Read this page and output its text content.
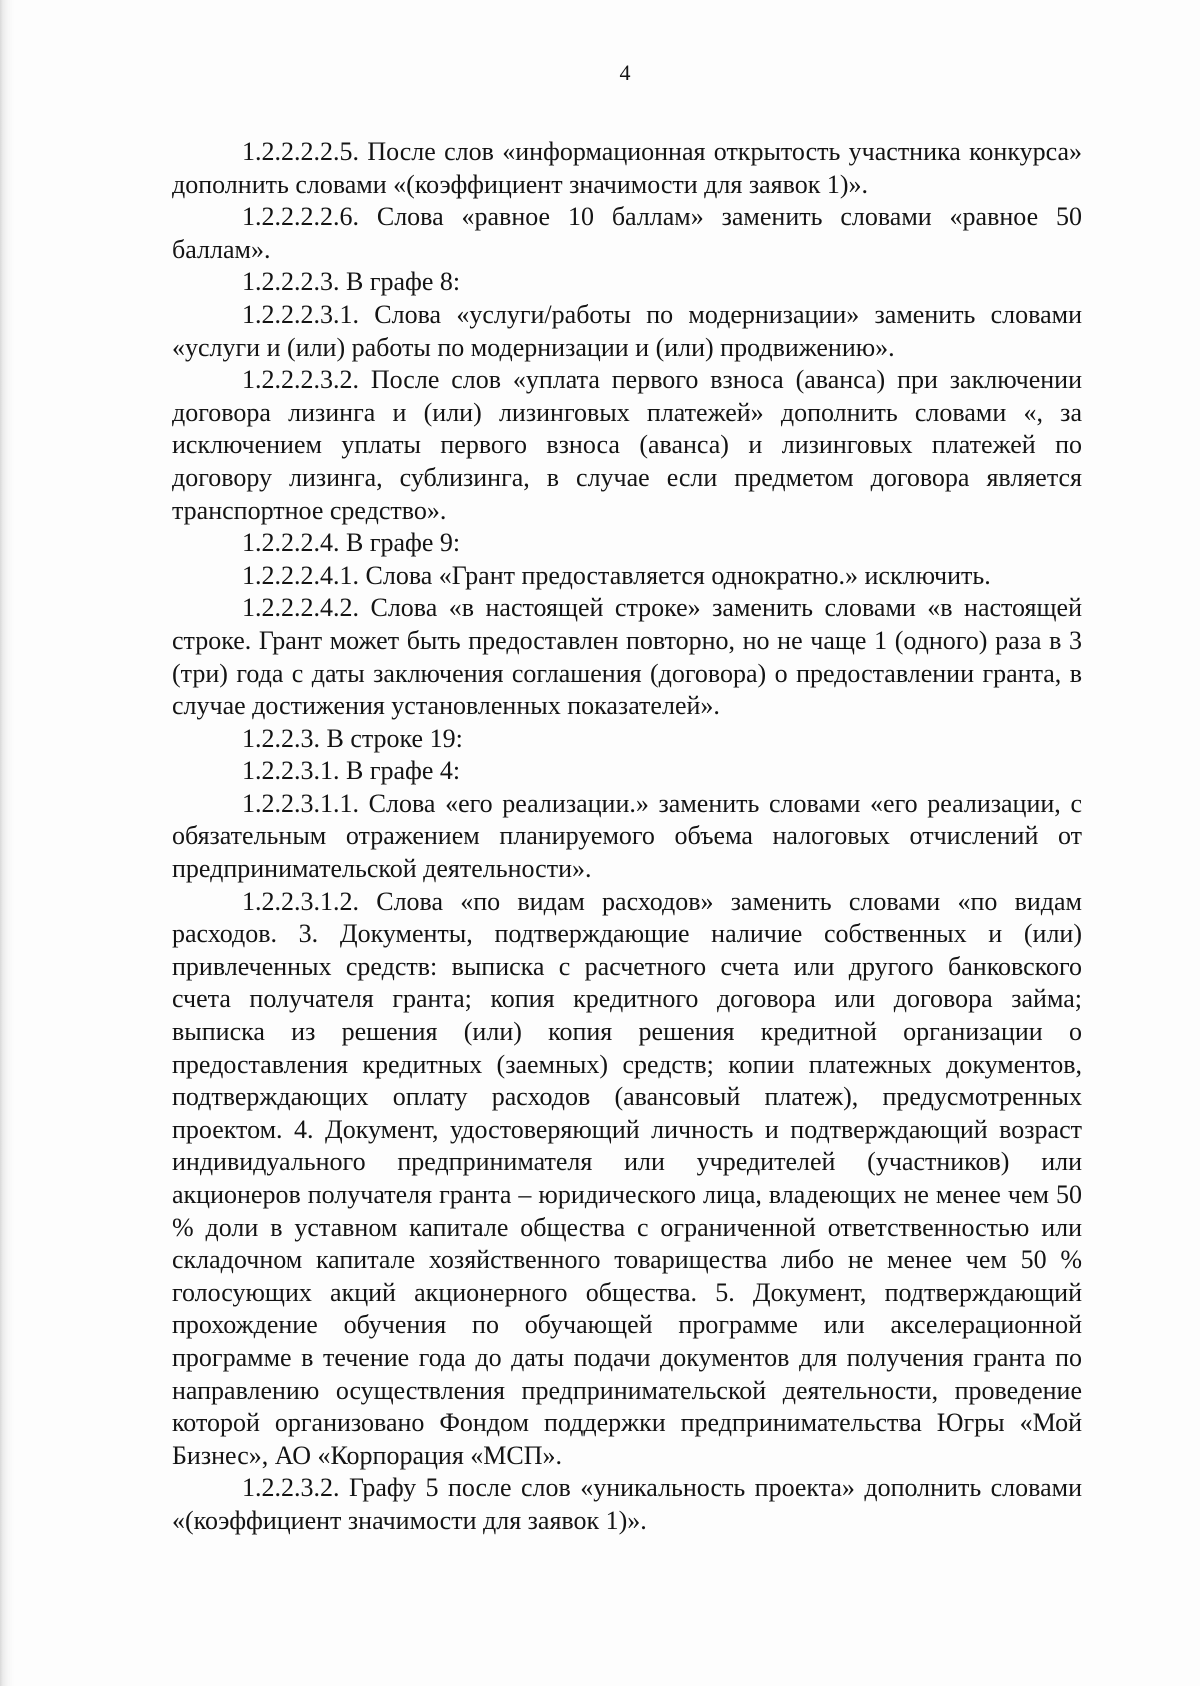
4

1.2.2.2.2.5. После слов «информационная открытость участника конкурса» дополнить словами «(коэффициент значимости для заявок 1)».

1.2.2.2.2.6. Слова «равное 10 баллам» заменить словами «равное 50 баллам».

1.2.2.2.3. В графе 8:

1.2.2.2.3.1. Слова «услуги/работы по модернизации» заменить словами «услуги и (или) работы по модернизации и (или) продвижению».

1.2.2.2.3.2. После слов «уплата первого взноса (аванса) при заключении договора лизинга и (или) лизинговых платежей» дополнить словами «, за исключением уплаты первого взноса (аванса) и лизинговых платежей по договору лизинга, сублизинга, в случае если предметом договора является транспортное средство».

1.2.2.2.4. В графе 9:

1.2.2.2.4.1. Слова «Грант предоставляется однократно.» исключить.

1.2.2.2.4.2. Слова «в настоящей строке» заменить словами «в настоящей строке. Грант может быть предоставлен повторно, но не чаще 1 (одного) раза в 3 (три) года с даты заключения соглашения (договора) о предоставлении гранта, в случае достижения установленных показателей».

1.2.2.3. В строке 19:

1.2.2.3.1. В графе 4:

1.2.2.3.1.1. Слова «его реализации.» заменить словами «его реализации, с обязательным отражением планируемого объема налоговых отчислений от предпринимательской деятельности».

1.2.2.3.1.2. Слова «по видам расходов» заменить словами «по видам расходов. 3. Документы, подтверждающие наличие собственных и (или) привлеченных средств: выписка с расчетного счета или другого банковского счета получателя гранта; копия кредитного договора или договора займа; выписка из решения (или) копия решения кредитной организации о предоставления кредитных (заемных) средств; копии платежных документов, подтверждающих оплату расходов (авансовый платеж), предусмотренных проектом. 4. Документ, удостоверяющий личность и подтверждающий возраст индивидуального предпринимателя или учредителей (участников) или акционеров получателя гранта – юридического лица, владеющих не менее чем 50 % доли в уставном капитале общества с ограниченной ответственностью или складочном капитале хозяйственного товарищества либо не менее чем 50 % голосующих акций акционерного общества. 5. Документ, подтверждающий прохождение обучения по обучающей программе или акселерационной программе в течение года до даты подачи документов для получения гранта по направлению осуществления предпринимательской деятельности, проведение которой организовано Фондом поддержки предпринимательства Югры «Мой Бизнес», АО «Корпорация «МСП».

1.2.2.3.2. Графу 5 после слов «уникальность проекта» дополнить словами «(коэффициент значимости для заявок 1)».
